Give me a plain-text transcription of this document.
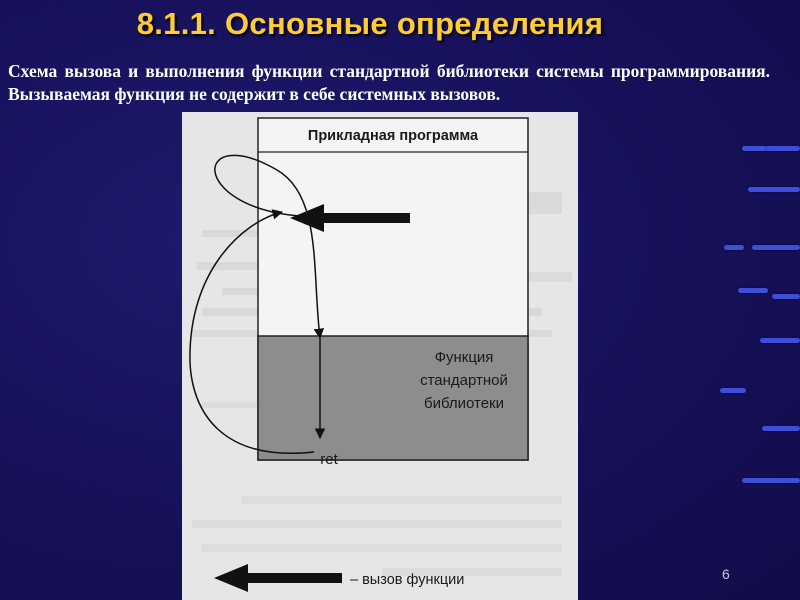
8.1.1. Основные определения
Схема вызова и выполнения функции стандартной библиотеки системы программирования. Вызываемая функция не содержит в себе системных вызовов.
Прикладная программа
Функция
стандартной
библиотеки
ret
– вызов функции	6
